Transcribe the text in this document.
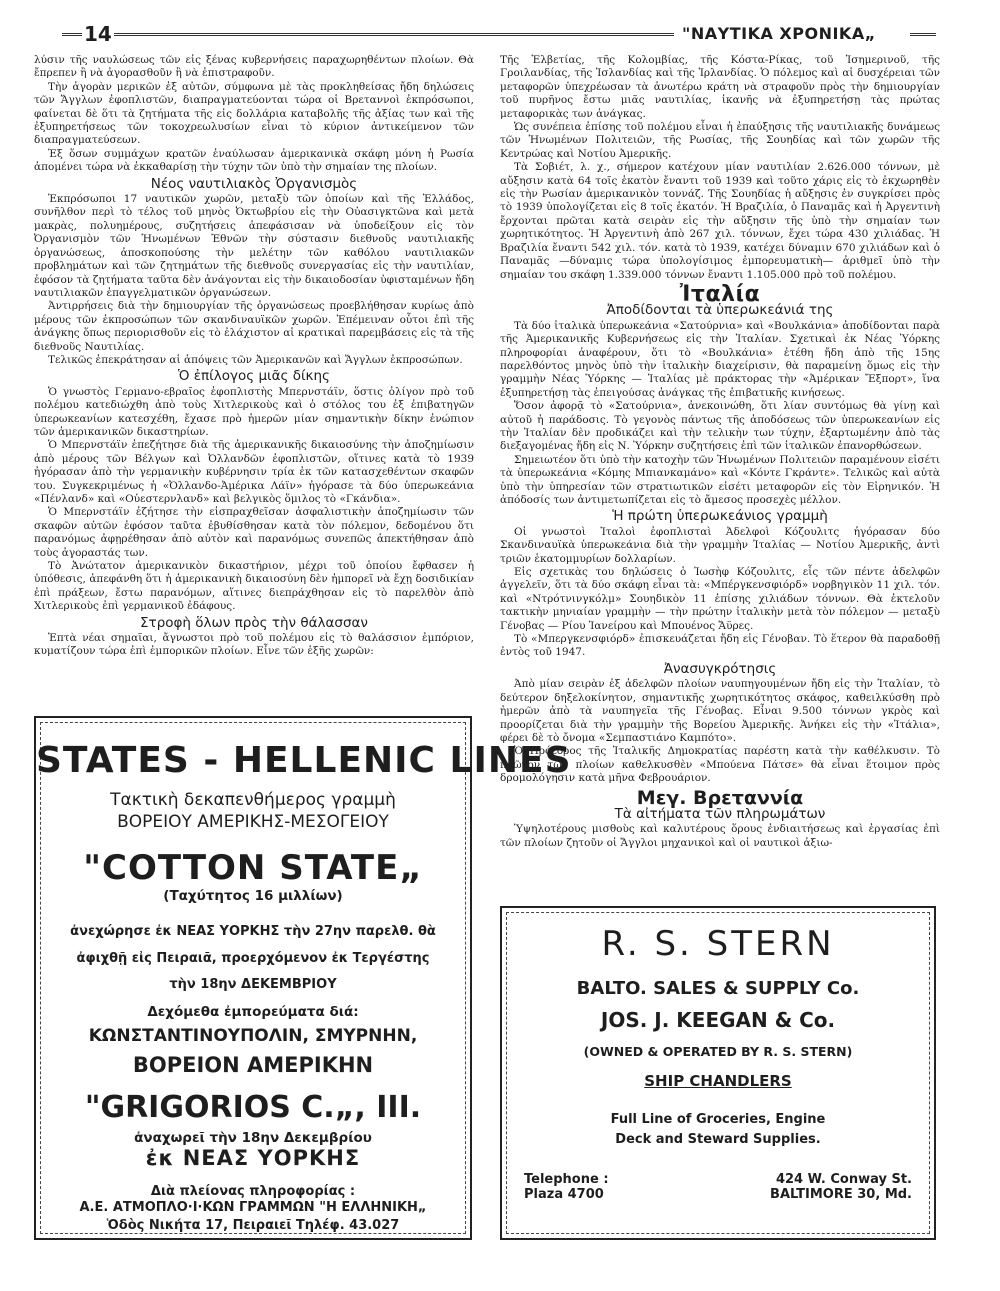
14	"ΝΑΥΤΙΚΑ ΧΡΟΝΙΚΑ„

λύσιν τῆς ναυλώσεως τῶν εἰς ξένας κυβερνήσεις παραχωρηθέντων πλοίων. Θὰ ἔπρεπεν ἢ νὰ ἀγορασθοῦν ἢ νὰ ἐπιστραφοῦν.

Τὴν ἀγορὰν μερικῶν ἐξ αὐτῶν, σύμφωνα μὲ τὰς προκληθείσας ἤδη δηλώσεις τῶν Ἄγγλων ἐφοπλιστῶν, διαπραγματεύονται τώρα οἱ Βρεταννοὶ ἐκπρόσωποι, φαίνεται δὲ ὅτι τὰ ζητήματα τῆς εἰς δολλάρια καταβολῆς τῆς ἀξίας των καὶ τῆς ἐξυπηρετήσεως τῶν τοκοχρεωλυσίων εἶναι τὸ κύριον ἀντικείμενον τῶν διαπραγματεύσεων.

Ἐξ ὅσων συμμάχων κρατῶν ἐναύλωσαν ἀμερικανικὰ σκάφη μόνη ἡ Ρωσία ἀπομένει τώρα νὰ ἐκκαθαρίσῃ τὴν τύχην τῶν ὑπὸ τὴν σημαίαν της πλοίων.

Νέος ναυτιλιακὸς Ὀργανισμὸς

Ἐκπρόσωποι 17 ναυτικῶν χωρῶν, μεταξὺ τῶν ὁποίων καὶ τῆς Ἑλλάδος, συνῆλθον περὶ τὸ τέλος τοῦ μηνὸς Ὀκτωβρίου εἰς τὴν Οὐασιγκτῶνα καὶ μετὰ μακρὰς, πολυημέρους, συζητήσεις ἀπεφάσισαν νὰ ὑποδείξουν εἰς τὸν Ὀργανισμὸν τῶν Ἡνωμένων Ἐθνῶν τὴν σύστασιν διεθνοῦς ναυτιλιακῆς ὀργανώσεως, ἀποσκοπούσης τὴν μελέτην τῶν καθόλου ναυτιλιακῶν προβλημάτων καὶ τῶν ζητημάτων τῆς διεθνοῦς συνεργασίας εἰς τὴν ναυτιλίαν, ἐφόσον τὰ ζητήματα ταῦτα δὲν ἀνάγονται εἰς τὴν δικαιοδοσίαν ὑφισταμένων ἤδη ναυτιλιακῶν ἐπαγγελματικῶν ὀργανώσεων.

Ἀντιρρήσεις διὰ τὴν δημιουργίαν τῆς ὀργανώσεως προεβλήθησαν κυρίως ἀπὸ μέρους τῶν ἐκπροσώπων τῶν σκανδιναυϊκῶν χωρῶν. Ἐπέμειναν οὗτοι ἐπὶ τῆς ἀνάγκης ὅπως περιορισθοῦν εἰς τὸ ἐλάχιστον αἱ κρατικαὶ παρεμβάσεις εἰς τὰ τῆς διεθνοῦς Ναυτιλίας.

Τελικῶς ἐπεκράτησαν αἱ ἀπόψεις τῶν Ἀμερικανῶν καὶ Ἄγγλων ἐκπροσώπων.

Ὁ ἐπίλογος μιᾶς δίκης

Ὁ γνωστὸς Γερμανο-εβραῖος ἐφοπλιστὴς Μπερνστάϊν, ὅστις ὀλίγον πρὸ τοῦ πολέμου κατεδιώχθη ἀπὸ τοὺς Χιτλερικοὺς καὶ ὁ στόλος του ἐξ ἐπιβατηγῶν ὑπερωκεανίων κατεσχέθη, ἔχασε πρὸ ἡμερῶν μίαν σημαντικὴν δίκην ἐνώπιον τῶν ἀμερικανικῶν δικαστηρίων.

Ὁ Μπερνστάϊν ἐπεζήτησε διὰ τῆς ἀμερικανικῆς δικαιοσύνης τὴν ἀποζημίωσιν ἀπὸ μέρους τῶν Βέλγων καὶ Ὀλλανδῶν ἐφοπλιστῶν, οἵτινες κατὰ τὸ 1939 ἠγόρασαν ἀπὸ τὴν γερμανικὴν κυβέρνησιν τρία ἐκ τῶν κατασχεθέντων σκαφῶν του. Συγκεκριμένως ἡ «Ὀλλανδο-Ἀμέρικα Λάϊν» ἠγόρασε τὰ δύο ὑπερωκεάνια «Πένλανδ» καὶ «Οὐεστερνλανδ» καὶ βελγικὸς ὅμιλος τὸ «Γκάνδια».

Ὁ Μπερνστάϊν ἐζήτησε τὴν εἰσπραχθεῖσαν ἀσφαλιστικὴν ἀποζημίωσιν τῶν σκαφῶν αὐτῶν ἐφόσον ταῦτα ἐβυθίσθησαν κατὰ τὸν πόλεμον, δεδομένου ὅτι παρανόμως ἀφῃρέθησαν ἀπὸ αὐτὸν καὶ παρανόμως συνεπῶς ἀπεκτήθησαν ἀπὸ τοὺς ἀγοραστάς των.

Τὸ Ἀνώτατον ἀμερικανικὸν δικαστήριον, μέχρι τοῦ ὁποίου ἔφθασεν ἡ ὑπόθεσις, ἀπεφάνθη ὅτι ἡ ἀμερικανικὴ δικαιοσύνη δὲν ἠμπορεῖ νὰ ἔχῃ δοσιδικίαν ἐπὶ πράξεων, ἔστω παρανόμων, αἵτινες διεπράχθησαν εἰς τὸ παρελθὸν ἀπὸ Χιτλερικοὺς ἐπὶ γερμανικοῦ ἐδάφους.

Στροφὴ ὅλων πρὸς τὴν θάλασσαν

Ἑπτὰ νέαι σημαῖαι, ἄγνωστοι πρὸ τοῦ πολέμου εἰς τὸ θαλάσσιον ἐμπόριον, κυματίζουν τώρα ἐπὶ ἐμπορικῶν πλοίων. Εἶνε τῶν ἑξῆς χωρῶν:

Τῆς Ἑλβετίας, τῆς Κολομβίας, τῆς Κόστα-Ρίκας, τοῦ Ἰσημερινοῦ, τῆς Γροιλανδίας, τῆς Ἰσλανδίας καὶ τῆς Ἰρλανδίας. Ὁ πόλεμος καὶ αἱ δυσχέρειαι τῶν μεταφορῶν ὑπεχρέωσαν τὰ ἀνωτέρω κράτη νὰ στραφοῦν πρὸς τὴν δημιουργίαν τοῦ πυρῆνος ἔστω μιᾶς ναυτιλίας, ἱκανῆς νὰ ἐξυπηρετήσῃ τὰς πρώτας μεταφορικὰς των ἀνάγκας.

Ὡς συνέπεια ἐπίσης τοῦ πολέμου εἶναι ἡ ἐπαύξησις τῆς ναυτιλιακῆς δυνάμεως τῶν Ἡνωμένων Πολιτειῶν, τῆς Ρωσίας, τῆς Σουηδίας καὶ τῶν χωρῶν τῆς Κεντρώας καὶ Νοτίου Ἀμερικῆς.

Τὰ Σοβιέτ, λ. χ., σήμερον κατέχουν μίαν ναυτιλίαν 2.626.000 τόννων, μὲ αὔξησιν κατὰ 64 τοῖς ἑκατὸν ἔναντι τοῦ 1939 καὶ τοῦτο χάρις εἰς τὸ ἐκχωρηθὲν εἰς τὴν Ρωσίαν ἀμερικανικὸν τοννάζ. Τῆς Σουηδίας ἡ αὔξησις ἐν συγκρίσει πρὸς τὸ 1939 ὑπολογίζεται εἰς 8 τοῖς ἑκατόν. Ἡ Βραζιλία, ὁ Παναμᾶς καὶ ἡ Ἀργεντινὴ ἔρχονται πρῶται κατὰ σειρὰν εἰς τὴν αὔξησιν τῆς ὑπὸ τὴν σημαίαν των χωρητικότητος. Ἡ Ἀργεντινὴ ἀπὸ 267 χιλ. τόννων, ἔχει τώρα 430 χιλιάδας. Ἡ Βραζιλία ἔναντι 542 χιλ. τόν. κατὰ τὸ 1939, κατέχει δύναμιν 670 χιλιάδων καὶ ὁ Παναμᾶς —δύναμις τώρα ὑπολογίσιμος ἐμπορευματικὴ— ἀριθμεῖ ὑπὸ τὴν σημαίαν του σκάφη 1.339.000 τόννων ἔναντι 1.105.000 πρὸ τοῦ πολέμου.

Ἰταλία
Ἀποδίδονται τὰ ὑπερωκεάνιά της

Τὰ δύο ἰταλικὰ ὑπερωκεάνια «Σατούρνια» καὶ «Βουλκάνια» ἀποδίδονται παρὰ τῆς Ἀμερικανικῆς Κυβερνήσεως εἰς τὴν Ἰταλίαν. Σχετικαὶ ἐκ Νέας Ὑόρκης πληροφορίαι ἀναφέρουν, ὅτι τὸ «Βουλκάνια» ἐτέθη ἤδη ἀπὸ τῆς 15ης παρελθόντος μηνὸς ὑπὸ τὴν ἰταλικὴν διαχείρισιν, θὰ παραμείνῃ ὅμως εἰς τὴν γραμμὴν Νέας Ὑόρκης — Ἰταλίας μὲ πράκτορας τὴν «Ἀμέρικαν Ἔξπορτ», ἵνα ἐξυπηρετήσῃ τὰς ἐπειγούσας ἀνάγκας τῆς ἐπιβατικῆς κινήσεως.

Ὅσον ἀφορᾷ τὸ «Σατούρνια», ἀνεκοινώθη, ὅτι λίαν συντόμως θὰ γίνῃ καὶ αὐτοῦ ἡ παράδοσις. Τὸ γεγονὸς πάντως τῆς ἀποδόσεως τῶν ὑπερωκεανίων εἰς τὴν Ἰταλίαν δὲν προδικάζει καὶ τὴν τελικὴν των τύχην, ἐξαρτωμένην ἀπὸ τὰς διεξαγομένας ἤδη εἰς Ν. Ὑόρκην συζητήσεις ἐπὶ τῶν ἰταλικῶν ἐπανορθώσεων.

Σημειωτέον ὅτι ὑπὸ τὴν κατοχὴν τῶν Ἡνωμένων Πολιτειῶν παραμένουν εἰσέτι τὰ ὑπερωκεάνια «Κόμης Μπιανκαμάνο» καὶ «Κόντε Γκράντε». Τελικῶς καὶ αὐτὰ ὑπὸ τὴν ὑπηρεσίαν τῶν στρατιωτικῶν εἰσέτι μεταφορῶν εἰς τὸν Εἰρηνικόν. Ἡ ἀπόδοσίς των ἀντιμετωπίζεται εἰς τὸ ἄμεσος προσεχὲς μέλλον.

Ἡ πρώτη ὑπερωκεάνιος γραμμὴ

Οἱ γνωστοὶ Ἰταλοὶ ἐφοπλισταὶ Ἀδελφοὶ Κόζουλιτς ἠγόρασαν δύο Σκανδιναυϊκὰ ὑπερωκεάνια διὰ τὴν γραμμὴν Ἰταλίας — Νοτίου Ἀμερικῆς, ἀντὶ τριῶν ἑκατομμυρίων δολλαρίων.

Εἰς σχετικὰς του δηλώσεις ὁ Ἰωσὴφ Κόζουλιτς, εἷς τῶν πέντε ἀδελφῶν ἀγγελεῖν, ὅτι τὰ δύο σκάφη εἶναι τὰ: «Μπέργκενσφιόρδ» νορβηγικὸν 11 χιλ. τόν. καὶ «Ντρότνινγκόλμ» Σουηδικὸν 11 ἐπίσης χιλιάδων τόννων. Θὰ ἐκτελοῦν τακτικὴν μηνιαίαν γραμμὴν — τὴν πρώτην ἰταλικὴν μετὰ τὸν πόλεμον — μεταξὺ Γένοβας — Ρίου Ἰανείρου καὶ Μπουένος Ἄϋρες.

Τὸ «Μπεργκενσφιόρδ» ἐπισκευάζεται ἤδη εἰς Γένοβαν. Τὸ ἕτερον θὰ παραδοθῇ ἐντὸς τοῦ 1947.

Ἀνασυγκρότησις

Ἀπὸ μίαν σειρὰν ἐξ ἀδελφῶν πλοίων ναυπηγουμένων ἤδη εἰς τὴν Ἰταλίαν, τὸ δεύτερον δηξελοκίνητον, σημαντικῆς χωρητικότητος σκάφος, καθειλκύσθη πρὸ ἡμερῶν ἀπὸ τὰ ναυπηγεῖα τῆς Γένοβας. Εἶναι 9.500 τόννων γκρὸς καὶ προορίζεται διὰ τὴν γραμμὴν τῆς Βορείου Ἀμερικῆς. Ἀνήκει εἰς τὴν «Ἰτάλια», φέρει δὲ τὸ ὄνομα «Σεμπαστιάνο Καμπότο».

Ὁ Πρόεδρος τῆς Ἰταλικῆς Δημοκρατίας παρέστη κατὰ τὴν καθέλκυσιν. Τὸ πρῶτον τῶν πλοίων καθελκυσθὲν «Μπούενα Πάτσε» θὰ εἶναι ἕτοιμον πρὸς δρομολόγησιν κατὰ μῆνα Φεβρουάριον.

Μεγ. Βρεταννία
Τὰ αἰτήματα τῶν πληρωμάτων

Ὑψηλοτέρους μισθοὺς καὶ καλυτέρους ὅρους ἐνδιαιτήσεως καὶ ἐργασίας ἐπὶ τῶν πλοίων ζητοῦν οἱ Ἄγγλοι μηχανικοὶ καὶ οἱ ναυτικοὶ ἀξιω-

STATES - HELLENIC LINES
Τακτικὴ δεκαπενθήμερος γραμμὴ
ΒΟΡΕΙΟΥ ΑΜΕΡΙΚΗΣ-ΜΕΣΟΓΕΙΟΥ
"COTTON STATE„
(Ταχύτητος 16 μιλλίων)
ἀνεχώρησε ἐκ ΝΕΑΣ ΥΟΡΚΗΣ τὴν 27ην παρελθ. θὰ
ἀφιχθῇ εἰς Πειραιᾶ, προερχόμενον ἐκ Τεργέστης
τὴν 18ην ΔΕΚΕΜΒΡΙΟΥ
Δεχόμεθα ἐμπορεύματα διά:
ΚΩΝΣΤΑΝΤΙΝΟΥΠΟΛΙΝ, ΣΜΥΡΝΗΝ,
ΒΟΡΕΙΟΝ ΑΜΕΡΙΚΗΝ
"GRIGORIOS C.„, III.
ἀναχωρεῖ τὴν 18ην Δεκεμβρίου
ἐκ ΝΕΑΣ ΥΟΡΚΗΣ
Διὰ πλείονας πληροφορίας :
Α.Ε. ΑΤΜΟΠΛΟ·Ι·ΚΩΝ ΓΡΑΜΜΩΝ "Η ΕΛΛΗΝΙΚΗ„
Ὁδὸς Νικήτα 17, Πειραιεῖ Τηλέφ. 43.027
R. S. STERN
BALTO. SALES & SUPPLY Co.
JOS. J. KEEGAN & Co.
(OWNED & OPERATED BY R. S. STERN)
SHIP CHANDLERS
Full Line of Groceries, Engine
Deck and Steward Supplies.
Telephone :
Plaza 4700
424 W. Conway St.
BALTIMORE 30, Md.
